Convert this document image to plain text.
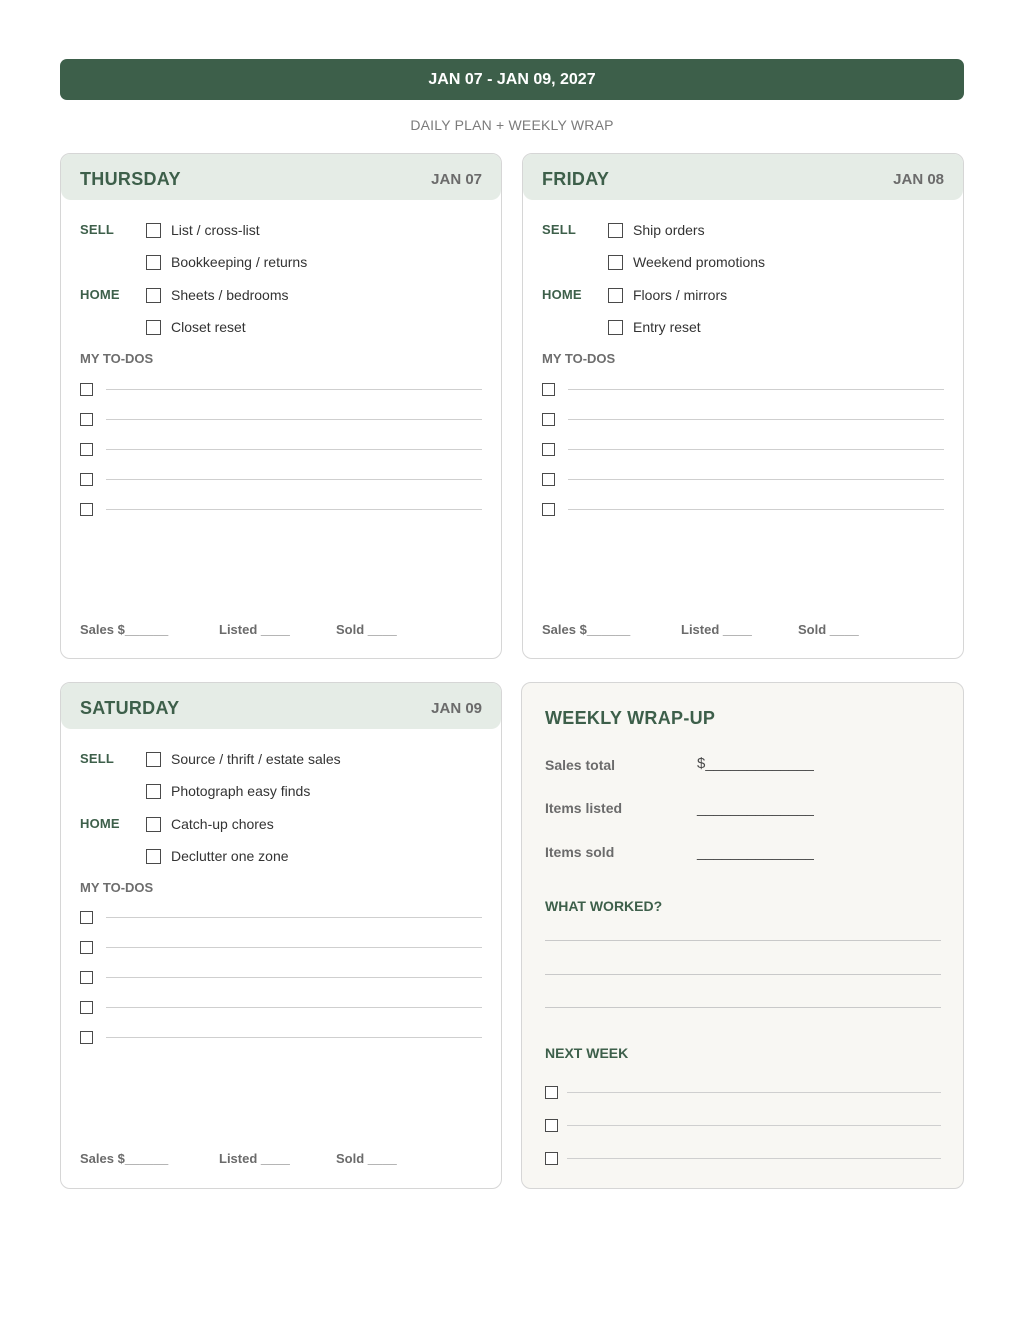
JAN 07 - JAN 09, 2027
DAILY PLAN + WEEKLY WRAP
THURSDAY	JAN 07
SELL	List / cross-list
Bookkeeping / returns
HOME	Sheets / bedrooms
Closet reset
MY TO-DOS
Sales $______	Listed ____	Sold ____
FRIDAY	JAN 08
SELL	Ship orders
Weekend promotions
HOME	Floors / mirrors
Entry reset
MY TO-DOS
Sales $______	Listed ____	Sold ____
SATURDAY	JAN 09
SELL	Source / thrift / estate sales
Photograph easy finds
HOME	Catch-up chores
Declutter one zone
MY TO-DOS
Sales $______	Listed ____	Sold ____
WEEKLY WRAP-UP
Sales total	$_____________
Items listed	______________
Items sold	______________
WHAT WORKED?
NEXT WEEK
